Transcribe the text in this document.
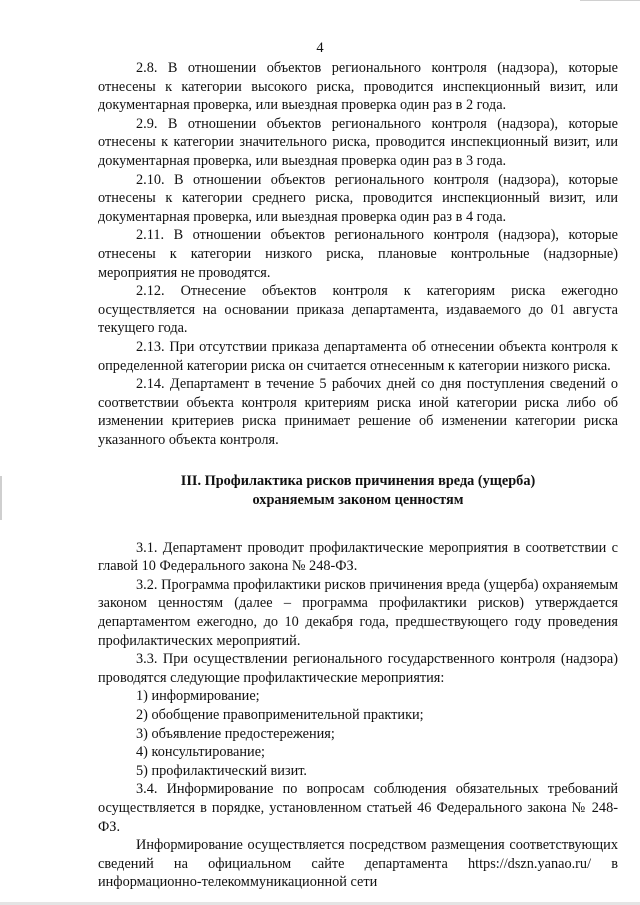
4

2.8. В отношении объектов регионального контроля (надзора), которые отнесены к категории высокого риска, проводится инспекционный визит, или документарная проверка, или выездная проверка один раз в 2 года.

2.9. В отношении объектов регионального контроля (надзора), которые отнесены к категории значительного риска, проводится инспекционный визит, или документарная проверка, или выездная проверка один раз в 3 года.

2.10. В отношении объектов регионального контроля (надзора), которые отнесены к категории среднего риска, проводится инспекционный визит, или документарная проверка, или выездная проверка один раз в 4 года.

2.11. В отношении объектов регионального контроля (надзора), которые отнесены к категории низкого риска, плановые контрольные (надзорные) мероприятия не проводятся.

2.12. Отнесение объектов контроля к категориям риска ежегодно осуществляется на основании приказа департамента, издаваемого до 01 августа текущего года.

2.13. При отсутствии приказа департамента об отнесении объекта контроля к определенной категории риска он считается отнесенным к категории низкого риска.

2.14. Департамент в течение 5 рабочих дней со дня поступления сведений о соответствии объекта контроля критериям риска иной категории риска либо об изменении критериев риска принимает решение об изменении категории риска указанного объекта контроля.

III. Профилактика рисков причинения вреда (ущерба)
охраняемым законом ценностям

3.1. Департамент проводит профилактические мероприятия в соответствии с главой 10 Федерального закона № 248-ФЗ.

3.2. Программа профилактики рисков причинения вреда (ущерба) охраняемым законом ценностям (далее – программа профилактики рисков) утверждается департаментом ежегодно, до 10 декабря года, предшествующего году проведения профилактических мероприятий.

3.3. При осуществлении регионального государственного контроля (надзора) проводятся следующие профилактические мероприятия:

1) информирование;

2) обобщение правоприменительной практики;

3) объявление предостережения;

4) консультирование;

5) профилактический визит.

3.4. Информирование по вопросам соблюдения обязательных требований осуществляется в порядке, установленном статьей 46 Федерального закона № 248-ФЗ.

Информирование осуществляется посредством размещения соответствующих сведений на официальном сайте департамента https://dszn.yanao.ru/ в информационно-телекоммуникационной сети
